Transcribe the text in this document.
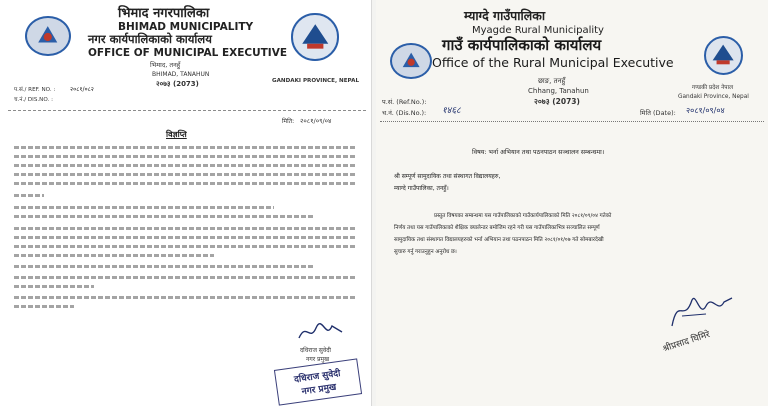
भिमाद नगरपालिका
BHIMAD MUNICIPALITY
नगर कार्यपालिकाको कार्यालय
OFFICE OF MUNICIPAL EXECUTIVE
भिमाद, तनहुँ
BHIMAD, TANAHUN
२०७३ (2073)	GANDAKI PROVINCE, NEPAL
प.सं./ REF. NO. : २०८१/०८२
च.नं./ DIS.NO. :
मिति: २०८१/०९/०४
विज्ञप्ति
दधिराज सुवेदी
नगर प्रमुख
दधिराज सुवेदी
नगर प्रमुख
म्याग्दे गाउँपालिका
Myagde Rural Municipality
गाउँ कार्यपालिकाको कार्यालय
Office of the Rural Municipal Executive
छाङ, तनहुँ
Chhang, Tanahun
२०७३ (2073)
गण्डकी प्रदेश नेपाल
Gandaki Province, Nepal
प.सं. (Ref.No.):
च.नं. (Dis.No.): १४६८	मिति (Date): २०८१/०९/०४
विषय: भर्ना अभियान तथा पठनपाठन सञ्चालन सम्बन्धमा।
श्री सम्पूर्ण सामुदायिक तथा संस्थागत विद्यालयहरु,
म्याग्दे गाउँपालिका, तनहुँ।
प्रस्तुत विषयका सम्बन्धमा यस गाउँपालिकाको गाउँकार्यपालिकाको मिति २०८१/०९/०४ गतेको
निर्णय तथा यस गाउँपालिकाको शैक्षिक क्यालेन्डर बमोजिम रहने गरी यस गाउँपालिकाभित्र सञ्चालित सम्पूर्ण
सामुदायिक तथा संस्थागत विद्यालयहरुको भर्ना अभियान तथा पठनपाठन मिति २०८१/०१/०७ गते सोमबारदेखी
सुचारु गर्नु गराउनुहुन अनुरोध छ।
श्रीप्रसाद घिमिरे
